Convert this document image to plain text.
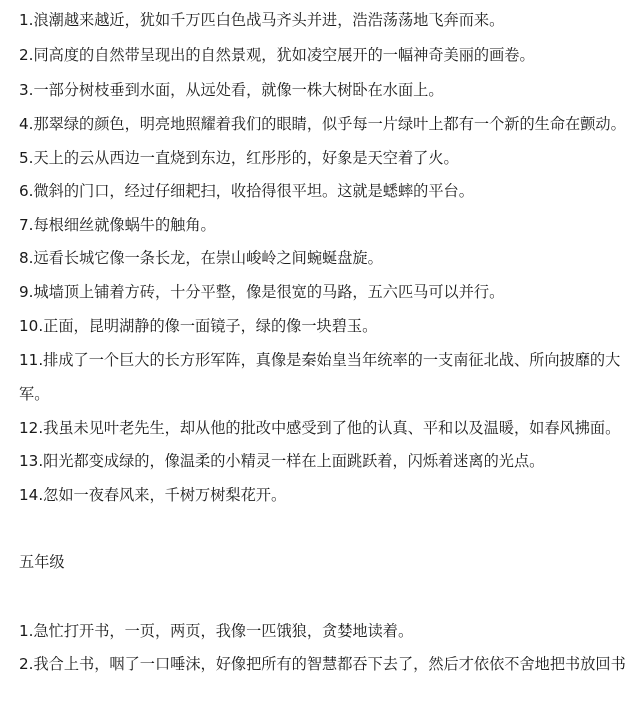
1.浪潮越来越近，犹如千万匹白色战马齐头并进，浩浩荡荡地飞奔而来。
2.同高度的自然带呈现出的自然景观，犹如凌空展开的一幅神奇美丽的画卷。
3.一部分树枝垂到水面，从远处看，就像一株大树卧在水面上。
4.那翠绿的颜色，明亮地照耀着我们的眼睛，似乎每一片绿叶上都有一个新的生命在颤动。
5.天上的云从西边一直烧到东边，红彤彤的，好象是天空着了火。
6.微斜的门口，经过仔细耙扫，收拾得很平坦。这就是蟋蟀的平台。
7.每根细丝就像蜗牛的触角。
8.远看长城它像一条长龙，在崇山峻岭之间蜿蜒盘旋。
9.城墙顶上铺着方砖，十分平整，像是很宽的马路，五六匹马可以并行。
10.正面，昆明湖静的像一面镜子，绿的像一块碧玉。
11.排成了一个巨大的长方形军阵，真像是秦始皇当年统率的一支南征北战、所向披靡的大
军。
12.我虽未见叶老先生，却从他的批改中感受到了他的认真、平和以及温暖，如春风拂面。
13.阳光都变成绿的，像温柔的小精灵一样在上面跳跃着，闪烁着迷离的光点。
14.忽如一夜春风来，千树万树梨花开。
五年级
1.急忙打开书，一页，两页，我像一匹饿狼，贪婪地读着。
2.我合上书，咽了一口唾沫，好像把所有的智慧都吞下去了，然后才依依不舍地把书放回书
